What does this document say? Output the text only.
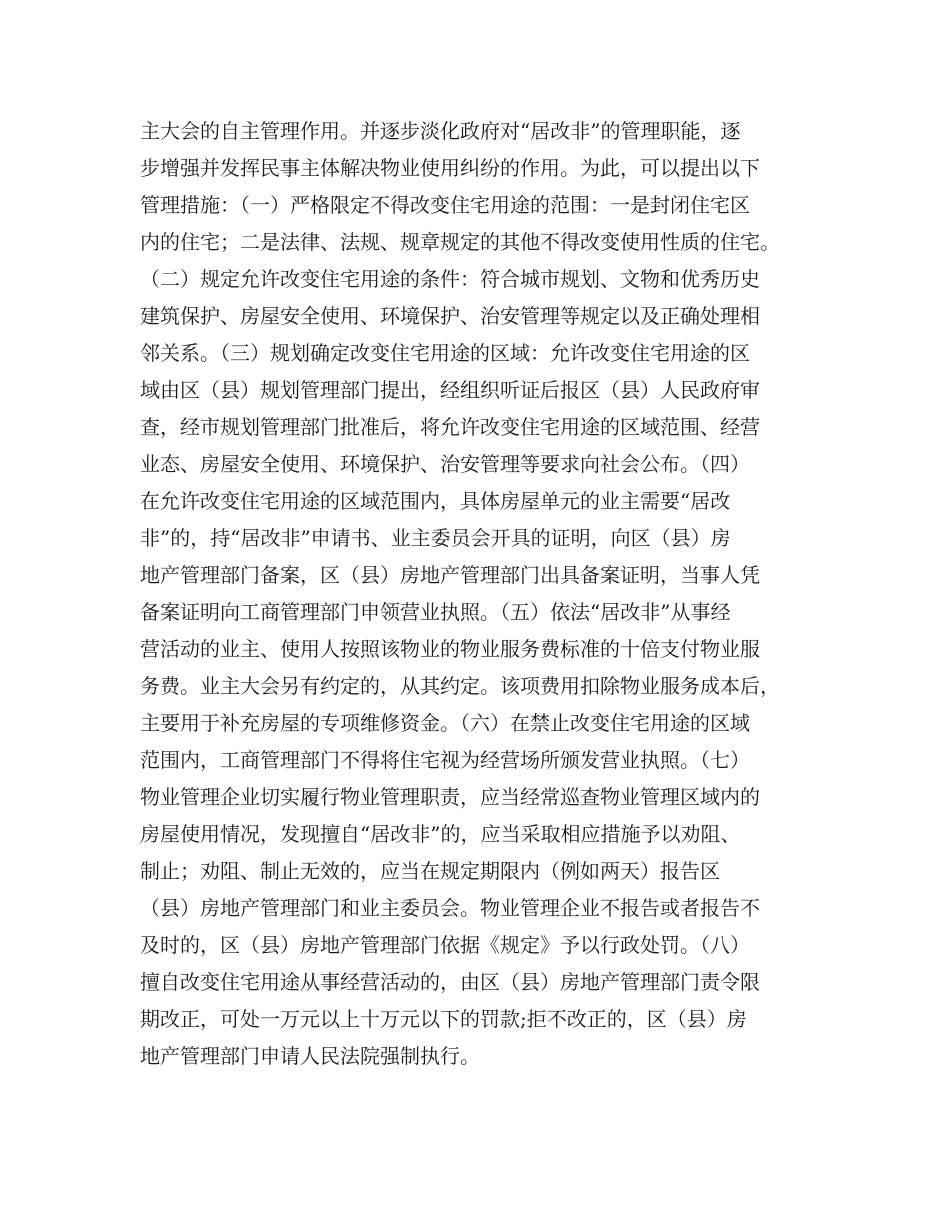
主大会的自主管理作用。并逐步淡化政府对“居改非”的管理职能，逐
步增强并发挥民事主体解决物业使用纠纷的作用。为此，可以提出以下
管理措施：（一）严格限定不得改变住宅用途的范围：一是封闭住宅区
内的住宅；二是法律、法规、规章规定的其他不得改变使用性质的住宅。
（二）规定允许改变住宅用途的条件：符合城市规划、文物和优秀历史
建筑保护、房屋安全使用、环境保护、治安管理等规定以及正确处理相
邻关系。（三）规划确定改变住宅用途的区域：允许改变住宅用途的区
域由区（县）规划管理部门提出，经组织听证后报区（县）人民政府审
查，经市规划管理部门批准后，将允许改变住宅用途的区域范围、经营
业态、房屋安全使用、环境保护、治安管理等要求向社会公布。（四）
在允许改变住宅用途的区域范围内，具体房屋单元的业主需要“居改
非”的，持“居改非”申请书、业主委员会开具的证明，向区（县）房
地产管理部门备案，区（县）房地产管理部门出具备案证明，当事人凭
备案证明向工商管理部门申领营业执照。（五）依法“居改非”从事经
营活动的业主、使用人按照该物业的物业服务费标准的十倍支付物业服
务费。业主大会另有约定的，从其约定。该项费用扣除物业服务成本后，
主要用于补充房屋的专项维修资金。（六）在禁止改变住宅用途的区域
范围内，工商管理部门不得将住宅视为经营场所颁发营业执照。（七）
物业管理企业切实履行物业管理职责，应当经常巡查物业管理区域内的
房屋使用情况，发现擅自“居改非”的，应当采取相应措施予以劝阻、
制止；劝阻、制止无效的，应当在规定期限内（例如两天）报告区
（县）房地产管理部门和业主委员会。物业管理企业不报告或者报告不
及时的，区（县）房地产管理部门依据《规定》予以行政处罚。（八）
擅自改变住宅用途从事经营活动的，由区（县）房地产管理部门责令限
期改正，可处一万元以上十万元以下的罚款;拒不改正的，区（县）房
地产管理部门申请人民法院强制执行。
